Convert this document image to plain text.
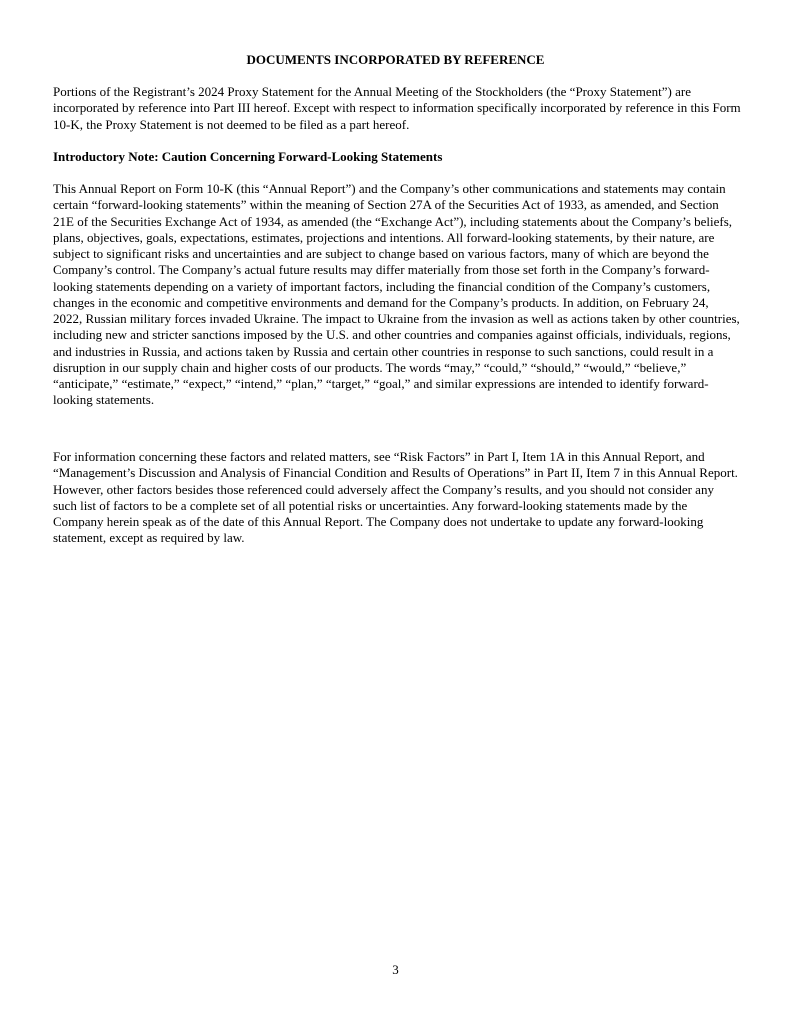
DOCUMENTS INCORPORATED BY REFERENCE

Portions of the Registrant’s 2024 Proxy Statement for the Annual Meeting of the Stockholders (the “Proxy Statement”) are incorporated by reference into Part III hereof. Except with respect to information specifically incorporated by reference in this Form 10-K, the Proxy Statement is not deemed to be filed as a part hereof.

Introductory Note: Caution Concerning Forward-Looking Statements

This Annual Report on Form 10-K (this “Annual Report”) and the Company’s other communications and statements may contain certain “forward-looking statements” within the meaning of Section 27A of the Securities Act of 1933, as amended, and Section 21E of the Securities Exchange Act of 1934, as amended (the “Exchange Act”), including statements about the Company’s beliefs, plans, objectives, goals, expectations, estimates, projections and intentions. All forward-looking statements, by their nature, are subject to significant risks and uncertainties and are subject to change based on various factors, many of which are beyond the Company’s control. The Company’s actual future results may differ materially from those set forth in the Company’s forward-looking statements depending on a variety of important factors, including the financial condition of the Company’s customers, changes in the economic and competitive environments and demand for the Company’s products. In addition, on February 24, 2022, Russian military forces invaded Ukraine. The impact to Ukraine from the invasion as well as actions taken by other countries, including new and stricter sanctions imposed by the U.S. and other countries and companies against officials, individuals, regions, and industries in Russia, and actions taken by Russia and certain other countries in response to such sanctions, could result in a disruption in our supply chain and higher costs of our products. The words “may,” “could,” “should,” “would,” “believe,” “anticipate,” “estimate,” “expect,” “intend,” “plan,” “target,” “goal,” and similar expressions are intended to identify forward-looking statements.

For information concerning these factors and related matters, see “Risk Factors” in Part I, Item 1A in this Annual Report, and “Management’s Discussion and Analysis of Financial Condition and Results of Operations” in Part II, Item 7 in this Annual Report. However, other factors besides those referenced could adversely affect the Company’s results, and you should not consider any such list of factors to be a complete set of all potential risks or uncertainties. Any forward-looking statements made by the Company herein speak as of the date of this Annual Report. The Company does not undertake to update any forward-looking statement, except as required by law.

3
